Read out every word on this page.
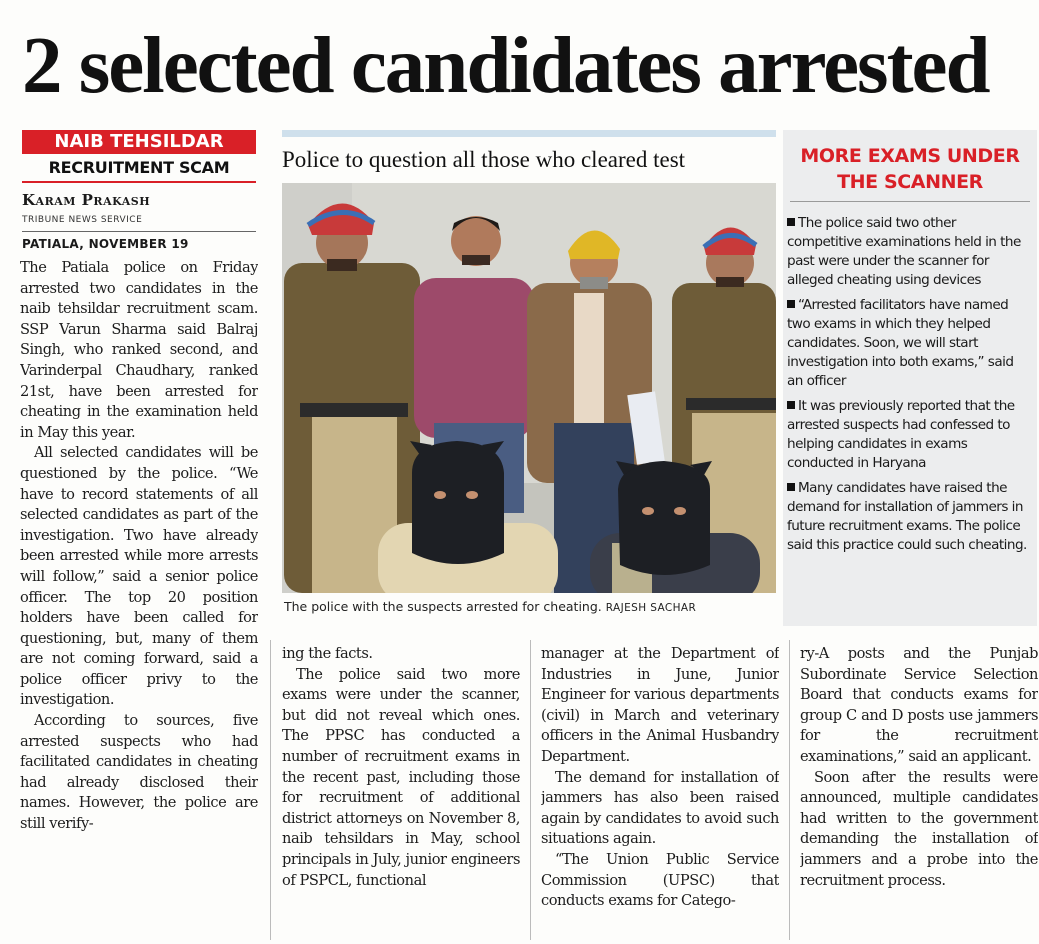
2 selected candidates arrested
NAIB TEHSILDAR
RECRUITMENT SCAM
Karam Prakash
TRIBUNE NEWS SERVICE
PATIALA, NOVEMBER 19

The Patiala police on Friday arrested two candidates in the naib tehsildar recruitment scam. SSP Varun Sharma said Balraj Singh, who ranked second, and Varinderpal Chaudhary, ranked 21st, have been arrested for cheating in the examination held in May this year.

All selected candidates will be questioned by the police. “We have to record statements of all selected candidates as part of the investigation. Two have already been arrested while more arrests will follow,” said a senior police officer. The top 20 position holders have been called for questioning, but, many of them are not coming forward, said a police officer privy to the investigation.

According to sources, five arrested suspects who had facilitated candidates in cheating had already disclosed their names. However, the police are still verify-

ing the facts.

The police said two more exams were under the scanner, but did not reveal which ones. The PPSC has conducted a number of recruitment exams in the recent past, including those for recruitment of additional district attorneys on November 8, naib tehsildars in May, school principals in July, junior engineers of PSPCL, functional

manager at the Department of Industries in June, Junior Engineer for various departments (civil) in March and veterinary officers in the Animal Husbandry Department.

The demand for installation of jammers has also been raised again by candidates to avoid such situations again.

“The Union Public Service Commission (UPSC) that conducts exams for Catego-

ry-A posts and the Punjab Subordinate Service Selection Board that conducts exams for group C and D posts use jammers for the recruitment examinations,” said an applicant.

Soon after the results were announced, multiple candidates had written to the government demanding the installation of jammers and a probe into the recruitment process.

Police to question all those who cleared test
The police with the suspects arrested for cheating. RAJESH SACHAR
MORE EXAMS UNDER
THE SCANNER
The police said two other competitive examinations held in the past were under the scanner for alleged cheating using devices
“Arrested facilitators have named two exams in which they helped candidates. Soon, we will start investigation into both exams,” said an officer
It was previously reported that the arrested suspects had confessed to helping candidates in exams conducted in Haryana
Many candidates have raised the demand for installation of jammers in future recruitment exams. The police said this practice could such cheating.
